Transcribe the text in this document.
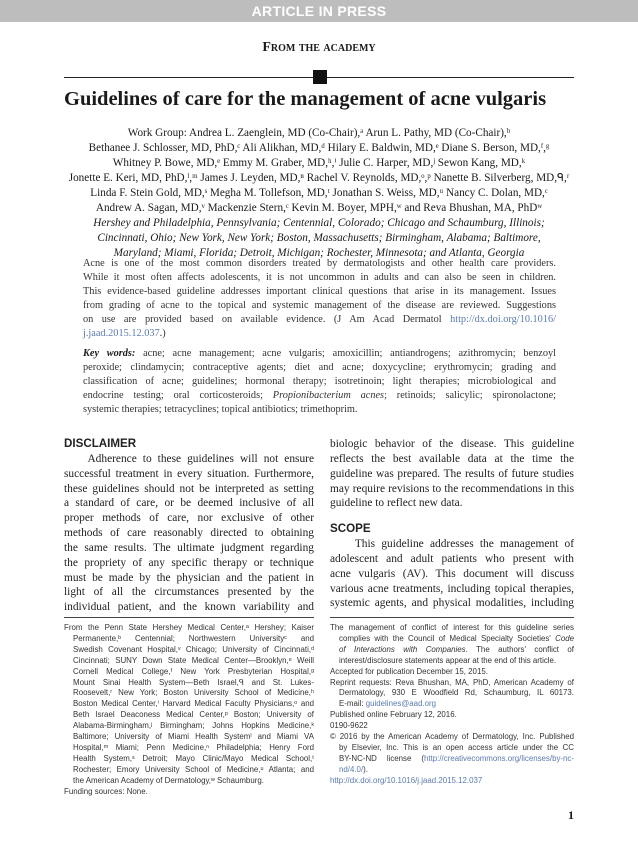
ARTICLE IN PRESS
From the academy
Guidelines of care for the management of acne vulgaris
Work Group: Andrea L. Zaenglein, MD (Co-Chair),ᵃ Arun L. Pathy, MD (Co-Chair),ᵇ
Bethanee J. Schlosser, MD, PhD,ᶜ Ali Alikhan, MD,ᵈ Hilary E. Baldwin, MD,ᵉ Diane S. Berson, MD,ᶠ,ᵍ
Whitney P. Bowe, MD,ᵉ Emmy M. Graber, MD,ʰ,ⁱ Julie C. Harper, MD,ʲ Sewon Kang, MD,ᵏ
Jonette E. Keri, MD, PhD,ˡ,ᵐ James J. Leyden, MD,ⁿ Rachel V. Reynolds, MD,ᵒ,ᵖ Nanette B. Silverberg, MD,ᑫ,ʳ
Linda F. Stein Gold, MD,ˢ Megha M. Tollefson, MD,ᵗ Jonathan S. Weiss, MD,ᵘ Nancy C. Dolan, MD,ᶜ
Andrew A. Sagan, MD,ᵛ Mackenzie Stern,ᶜ Kevin M. Boyer, MPH,ʷ and Reva Bhushan, MA, PhDʷ
Hershey and Philadelphia, Pennsylvania; Centennial, Colorado; Chicago and Schaumburg, Illinois;
Cincinnati, Ohio; New York, New York; Boston, Massachusetts; Birmingham, Alabama; Baltimore,
Maryland; Miami, Florida; Detroit, Michigan; Rochester, Minnesota; and Atlanta, Georgia
Acne is one of the most common disorders treated by dermatologists and other health care providers.
While it most often affects adolescents, it is not uncommon in adults and can also be seen in children.
This evidence-based guideline addresses important clinical questions that arise in its management. Issues
from grading of acne to the topical and systemic management of the disease are reviewed. Suggestions
on use are provided based on available evidence. (J Am Acad Dermatol http://dx.doi.org/10.1016/
j.jaad.2015.12.037.)
Key words: acne; acne management; acne vulgaris; amoxicillin; antiandrogens; azithromycin; benzoyl
peroxide; clindamycin; contraceptive agents; diet and acne; doxycycline; erythromycin; grading and
classification of acne; guidelines; hormonal therapy; isotretinoin; light therapies; microbiological and
endocrine testing; oral corticosteroids; Propionibacterium acnes; retinoids; salicylic; spironolactone;
systemic therapies; tetracyclines; topical antibiotics; trimethoprim.
DISCLAIMER
Adherence to these guidelines will not ensure
successful treatment in every situation. Furthermore,
these guidelines should not be interpreted as setting
a standard of care, or be deemed inclusive of all
proper methods of care, nor exclusive of other
methods of care reasonably directed to obtaining
the same results. The ultimate judgment regarding
the propriety of any specific therapy or technique
must be made by the physician and the patient in
light of all the circumstances presented by the
individual patient, and the known variability and
biologic behavior of the disease. This guideline
reflects the best available data at the time the
guideline was prepared. The results of future studies
may require revisions to the recommendations in this
guideline to reflect new data.
SCOPE
This guideline addresses the management of
adolescent and adult patients who present with
acne vulgaris (AV). This document will discuss
various acne treatments, including topical therapies,
systemic agents, and physical modalities, including
From the Penn State Hershey Medical Center,ᵃ Hershey; Kaiser
Permanente,ᵇ Centennial; Northwestern Universityᶜ and
Swedish Covenant Hospital,ᵛ Chicago; University of Cincinnati,ᵈ
Cincinnati; SUNY Down State Medical Center—Brooklyn,ᵉ Weill
Cornell Medical College,ᶠ New York Presbyterian Hospital,ᵍ
Mount Sinai Health System—Beth Israel,ᑫ and St. Lukes-
Roosevelt,ʳ New York; Boston University School of Medicine,ʰ
Boston Medical Center,ⁱ Harvard Medical Faculty Physicians,ᵒ and
Beth Israel Deaconess Medical Center,ᵖ Boston; University of
Alabama-Birmingham,ʲ Birmingham; Johns Hopkins Medicine,ᵏ
Baltimore; University of Miami Health Systemˡ and Miami VA
Hospital,ᵐ Miami; Penn Medicine,ⁿ Philadelphia; Henry Ford
Health System,ˢ Detroit; Mayo Clinic/Mayo Medical School,ᵗ
Rochester; Emory University School of Medicine,ᵘ Atlanta; and
the American Academy of Dermatology,ʷ Schaumburg.
Funding sources: None.
The management of conflict of interest for this guideline series
complies with the Council of Medical Specialty Societies' Code
of Interactions with Companies. The authors' conflict of
interest/disclosure statements appear at the end of this article.
Accepted for publication December 15, 2015.
Reprint requests: Reva Bhushan, MA, PhD, American Academy of
Dermatology, 930 E Woodfield Rd, Schaumburg, IL 60173.
E-mail: guidelines@aad.org
Published online February 12, 2016.
0190-9622
© 2016 by the American Academy of Dermatology, Inc. Published
by Elsevier, Inc. This is an open access article under the CC
BY-NC-ND license (http://creativecommons.org/licenses/by-nc-
nd/4.0/).
http://dx.doi.org/10.1016/j.jaad.2015.12.037
1
